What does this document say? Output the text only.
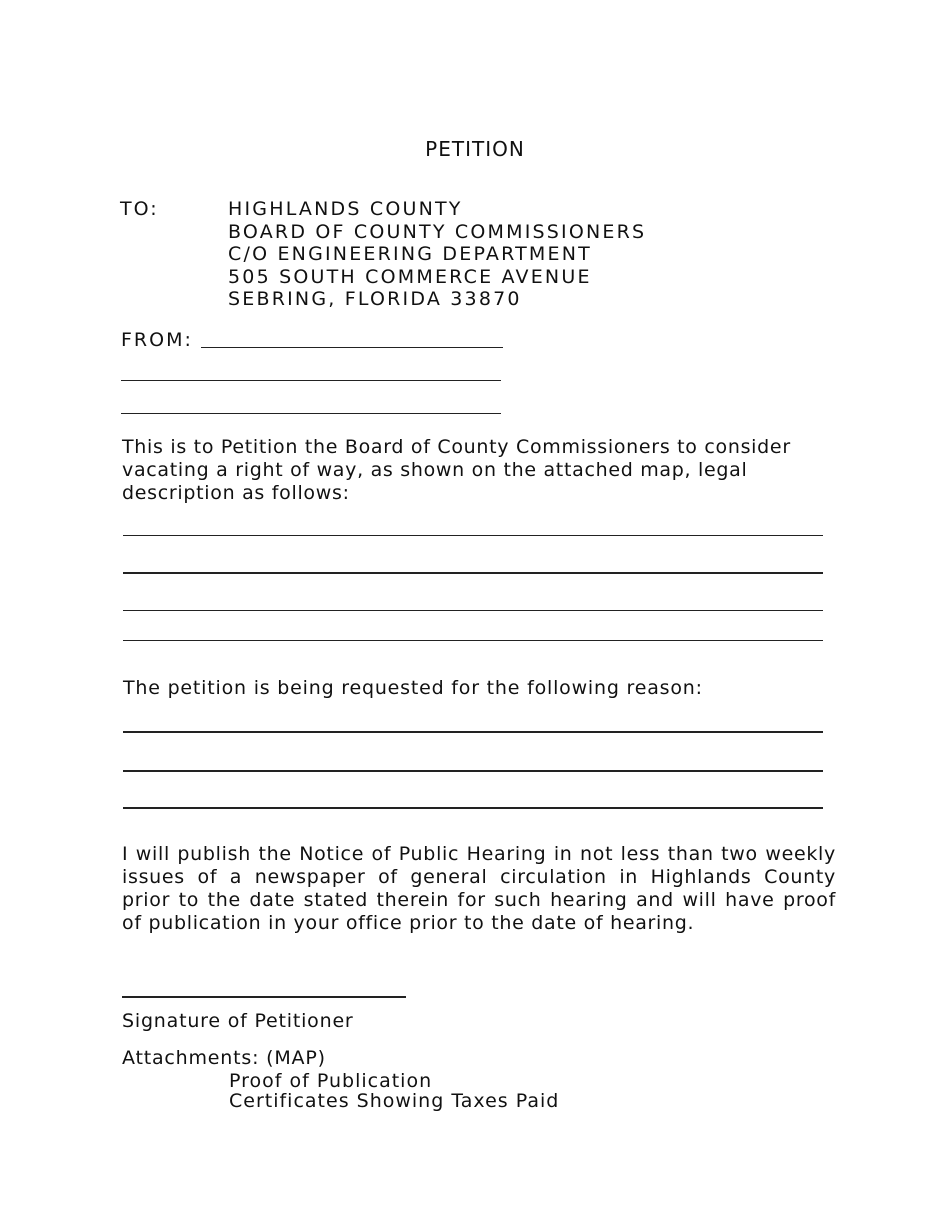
PETITION
TO:	HIGHLANDS COUNTY
BOARD OF COUNTY COMMISSIONERS
C/O ENGINEERING DEPARTMENT
505 SOUTH COMMERCE AVENUE
SEBRING, FLORIDA 33870
FROM:
This is to Petition the Board of County Commissioners to consider vacating a right of way, as shown on the attached map, legal description as follows:
The petition is being requested for the following reason:
I will publish the Notice of Public Hearing in not less than two weekly issues of a newspaper of general circulation in Highlands County prior to the date stated therein for such hearing and will have proof of publication in your office prior to the date of hearing.
Signature of Petitioner
Attachments: (MAP)
Proof of Publication
Certificates Showing Taxes Paid
